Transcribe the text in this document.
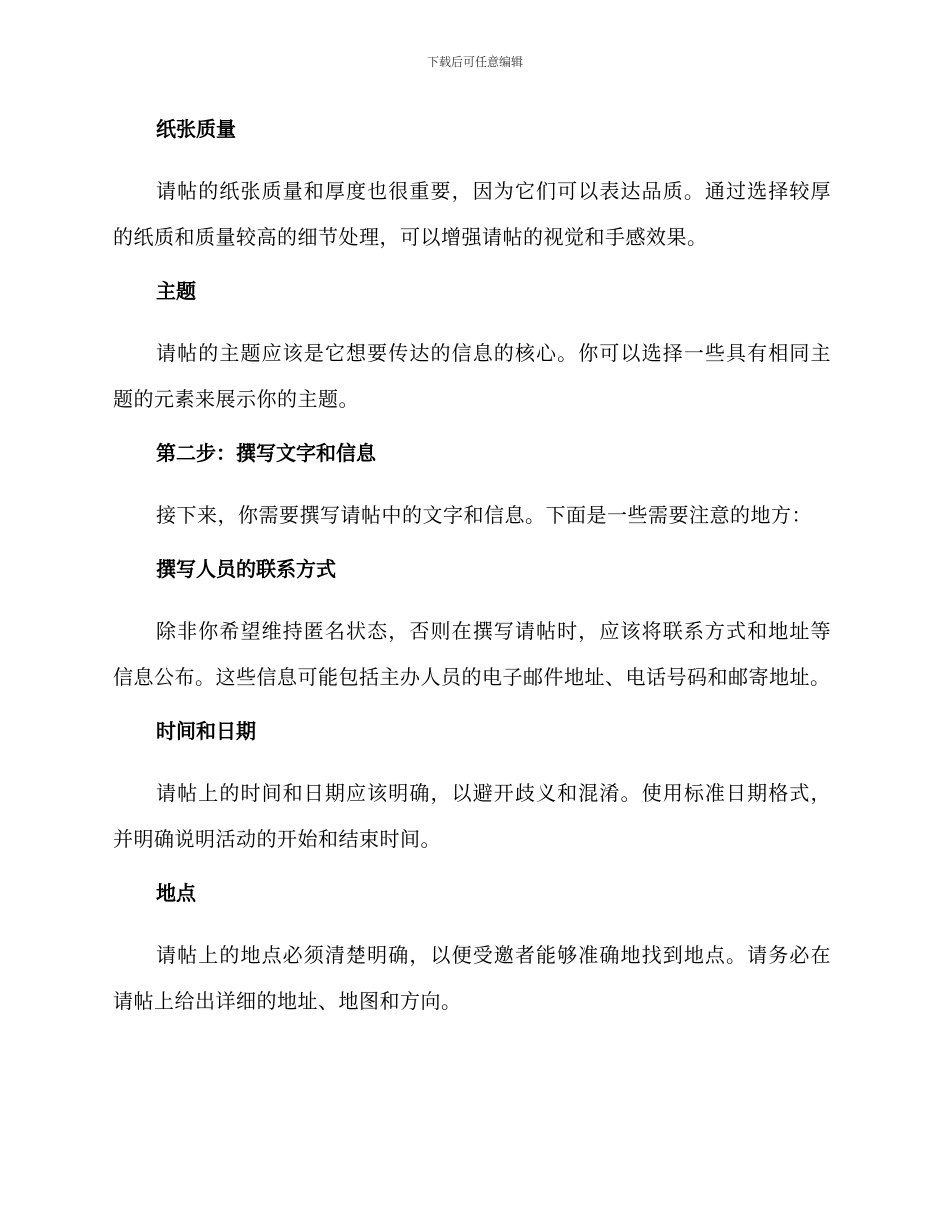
下载后可任意编辑
纸张质量

请帖的纸张质量和厚度也很重要，因为它们可以表达品质。通过选择较厚的纸质和质量较高的细节处理，可以增强请帖的视觉和手感效果。

主题

请帖的主题应该是它想要传达的信息的核心。你可以选择一些具有相同主题的元素来展示你的主题。

第二步：撰写文字和信息

接下来，你需要撰写请帖中的文字和信息。下面是一些需要注意的地方：

撰写人员的联系方式

除非你希望维持匿名状态，否则在撰写请帖时，应该将联系方式和地址等信息公布。这些信息可能包括主办人员的电子邮件地址、电话号码和邮寄地址。

时间和日期

请帖上的时间和日期应该明确，以避开歧义和混淆。使用标准日期格式，并明确说明活动的开始和结束时间。

地点

请帖上的地点必须清楚明确，以便受邀者能够准确地找到地点。请务必在请帖上给出详细的地址、地图和方向。
